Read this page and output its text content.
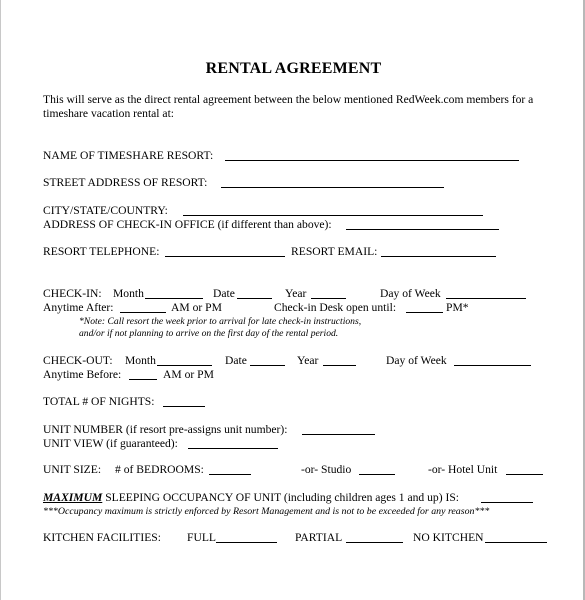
RENTAL AGREEMENT
This will serve as the direct rental agreement between the below mentioned RedWeek.com members for a
timeshare vacation rental at:
NAME OF TIMESHARE RESORT:
STREET ADDRESS OF RESORT:
CITY/STATE/COUNTRY:
ADDRESS OF CHECK-IN OFFICE (if different than above):
RESORT TELEPHONE:	RESORT EMAIL:
CHECK-IN: Month	Date	Year	Day of Week
Anytime After:	AM or PM	Check-in Desk open until:	PM*
*Note: Call resort the week prior to arrival for late check-in instructions,
and/or if not planning to arrive on the first day of the rental period.
CHECK-OUT: Month	Date	Year	Day of Week
Anytime Before:	AM or PM
TOTAL # OF NIGHTS:
UNIT NUMBER (if resort pre-assigns unit number):
UNIT VIEW (if guaranteed):
UNIT SIZE: # of BEDROOMS:	-or- Studio	-or- Hotel Unit
MAXIMUM SLEEPING OCCUPANCY OF UNIT (including children ages 1 and up) IS:
***Occupancy maximum is strictly enforced by Resort Management and is not to be exceeded for any reason***
KITCHEN FACILITIES: FULL	PARTIAL	NO KITCHEN
